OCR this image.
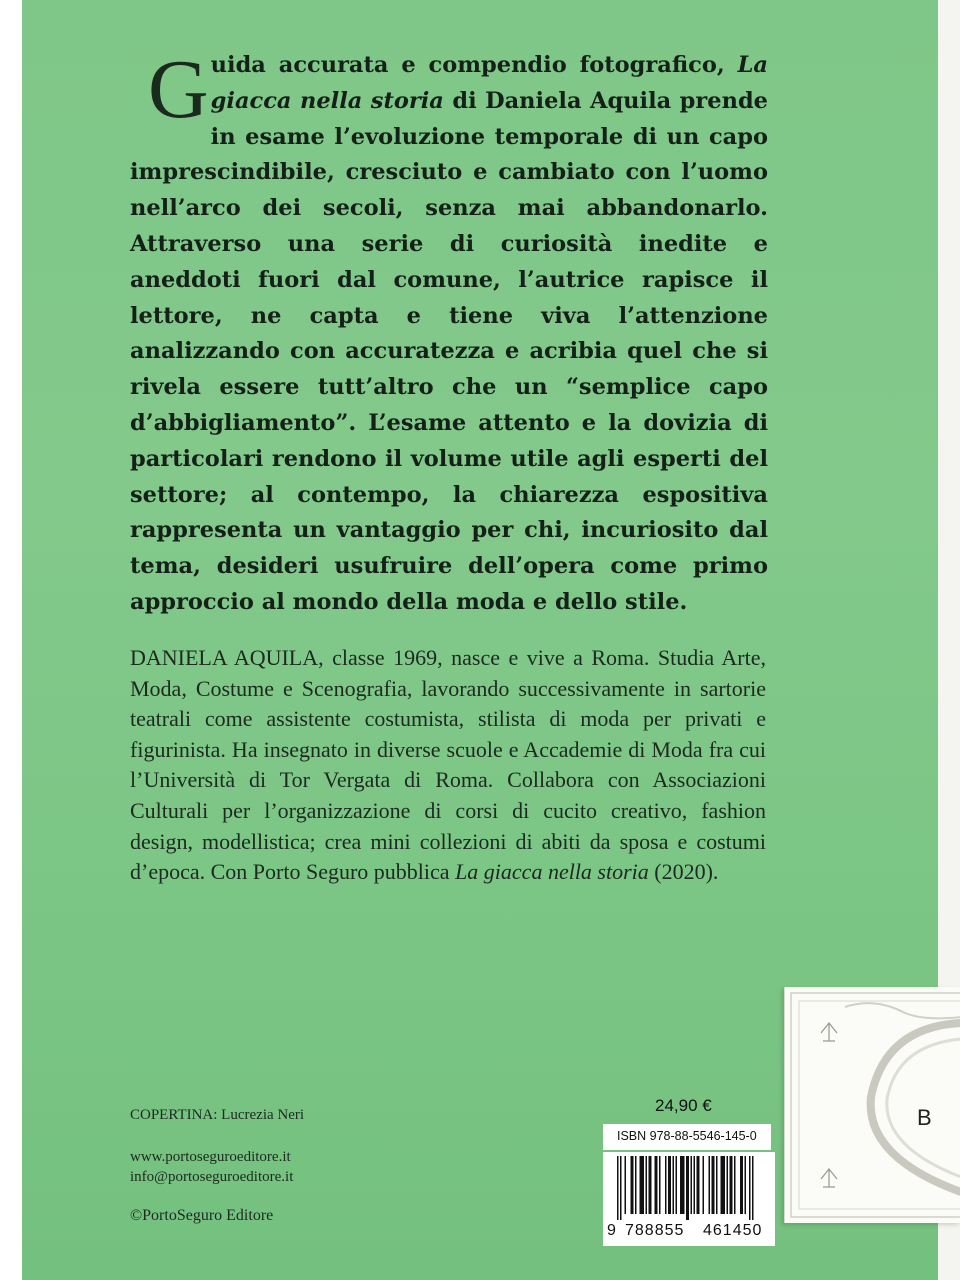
Guida accurata e compendio fotografico, La giacca nella storia di Daniela Aquila prende in esame l’evoluzione temporale di un capo imprescindibile, cresciuto e cambiato con l’uomo nell’arco dei secoli, senza mai abbandonarlo. Attraverso una serie di curiosità inedite e aneddoti fuori dal comune, l’autrice rapisce il lettore, ne capta e tiene viva l’attenzione analizzando con accuratezza e acribia quel che si rivela essere tutt’altro che un “semplice capo d’abbigliamento”. L’esame attento e la dovizia di particolari rendono il volume utile agli esperti del settore; al contempo, la chiarezza espositiva rappresenta un vantaggio per chi, incuriosito dal tema, desideri usufruire dell’opera come primo approccio al mondo della moda e dello stile.
DANIELA AQUILA, classe 1969, nasce e vive a Roma. Studia Arte, Moda, Costume e Scenografia, lavorando successivamente in sartorie teatrali come assistente costumista, stilista di moda per privati e figurinista. Ha insegnato in diverse scuole e Accademie di Moda fra cui l’Università di Tor Vergata di Roma. Collabora con Associazioni Culturali per l’organizzazione di corsi di cucito creativo, fashion design, modellistica; crea mini collezioni di abiti da sposa e costumi d’epoca. Con Porto Seguro pubblica La giacca nella storia (2020).
COPERTINA: Lucrezia Neri
www.portoseguroeditore.it
info@portoseguroeditore.it
©PortoSeguro Editore
24,90 €
ISBN 978-88-5546-145-0
9 788855 461450
B
